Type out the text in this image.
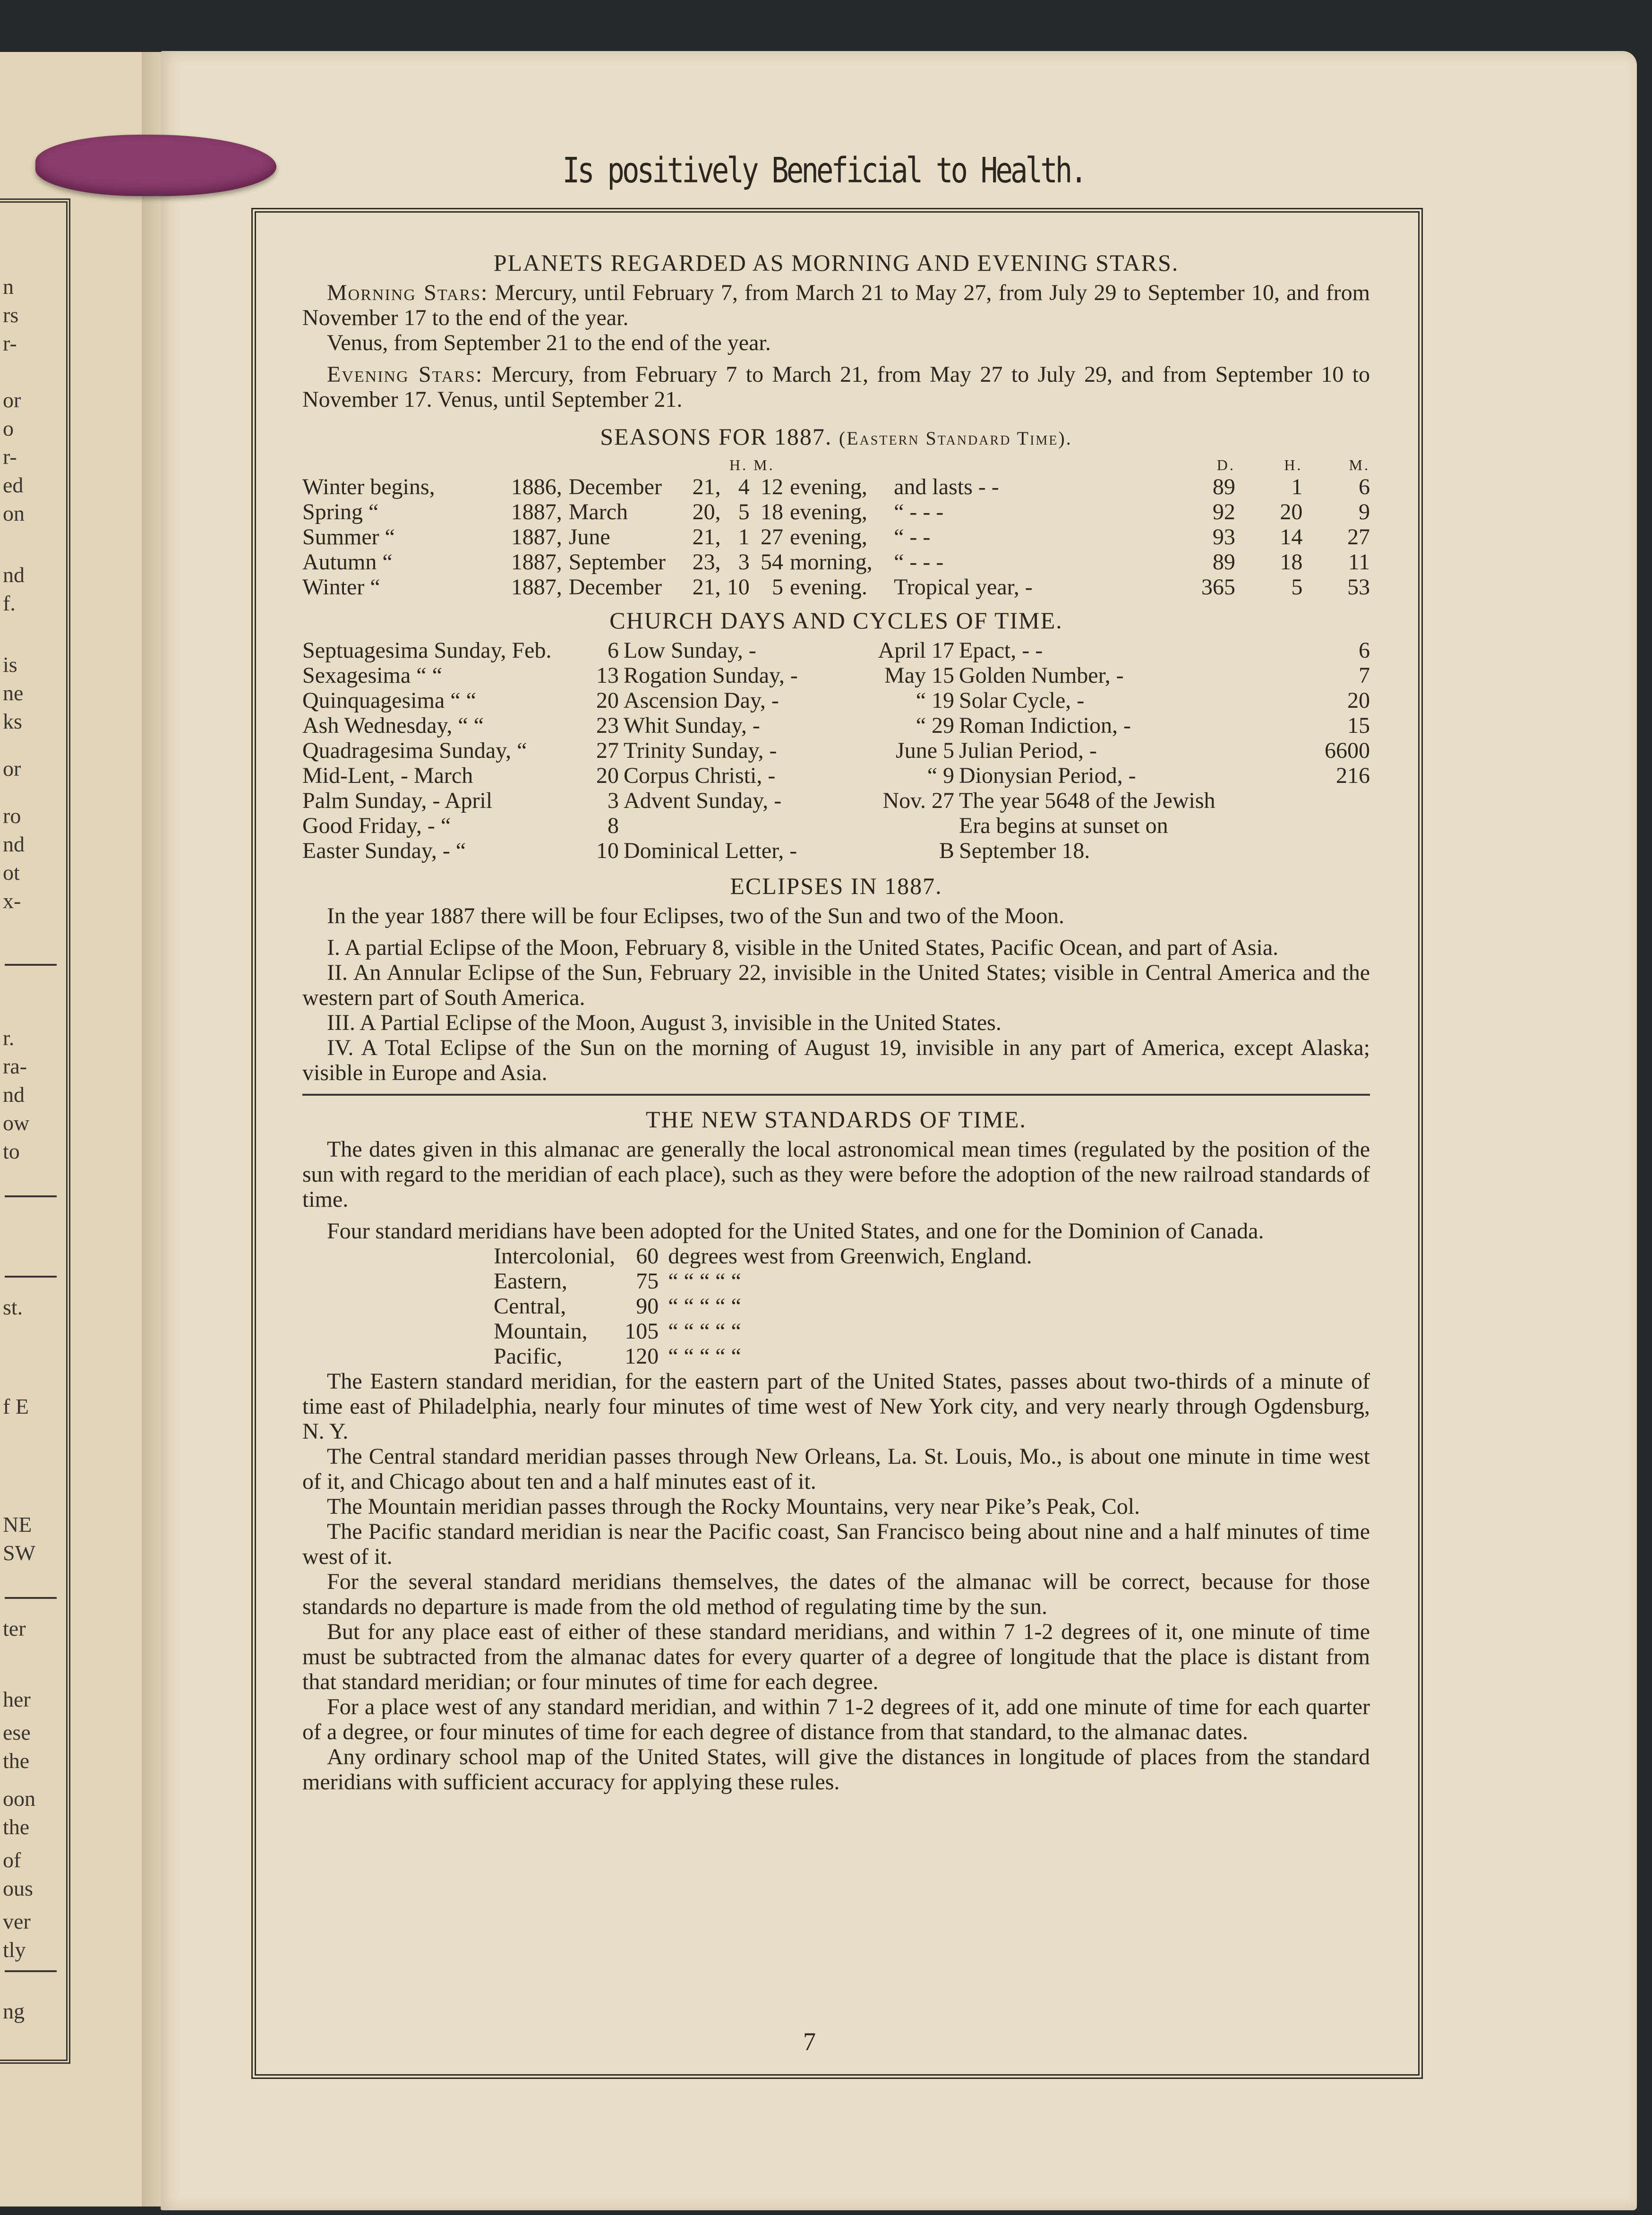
n
rs
r-
or
o
r-
ed
on
nd
f.
is
ne
ks
or
ro
nd
ot
x-
r.
ra-
nd
ow
to
st.
f E
NE
SW
ter
her
ese
the
oon
the
of
ous
ver
tly
ng
Is positively Beneficial to Health.
PLANETS REGARDED AS MORNING AND EVENING STARS.

Morning Stars: Mercury, until February 7, from March 21 to May 27, from July 29 to September 10, and from November 17 to the end of the year.

Venus, from September 21 to the end of the year.

Evening Stars: Mercury, from February 7 to March 21, from May 27 to July 29, and from September 10 to November 17. Venus, until September 21.

SEASONS FOR 1887. (Eastern Standard Time).
				H. M.				D.	H.	M.
Winter begins,	1886,	December	21,	4	12	evening,	and lasts - -	89	1	6
Spring “	1887,	March	20,	5	18	evening,	“ - - -	92	20	9
Summer “	1887,	June	21,	1	27	evening,	“ - -	93	14	27
Autumn “	1887,	September	23,	3	54	morning,	“ - - -	89	18	11
Winter “	1887,	December	21,	10	5	evening.	Tropical year, -	365	5	53
CHURCH DAYS AND CYCLES OF TIME.
Septuagesima Sunday, Feb.	6	Low Sunday, -	April 17	Epact, - -	6
Sexagesima “ “	13	Rogation Sunday, -	May 15	Golden Number, -	7
Quinquagesima “ “	20	Ascension Day, -	“ 19	Solar Cycle, -	20
Ash Wednesday, “ “	23	Whit Sunday, -	“ 29	Roman Indiction, -	15
Quadragesima Sunday, “	27	Trinity Sunday, -	June 5	Julian Period, -	6600
Mid-Lent, - March	20	Corpus Christi, -	“ 9	Dionysian Period, -	216
Palm Sunday, - April	3	Advent Sunday, -	Nov. 27	The year 5648 of the Jewish	
Good Friday, - “	8			Era begins at sunset on	
Easter Sunday, - “	10	Dominical Letter, -	B	September 18.	
ECLIPSES IN 1887.

In the year 1887 there will be four Eclipses, two of the Sun and two of the Moon.

I. A partial Eclipse of the Moon, February 8, visible in the United States, Pacific Ocean, and part of Asia.

II. An Annular Eclipse of the Sun, February 22, invisible in the United States; visible in Central America and the western part of South America.

III. A Partial Eclipse of the Moon, August 3, invisible in the United States.

IV. A Total Eclipse of the Sun on the morning of August 19, invisible in any part of America, except Alaska; visible in Europe and Asia.

THE NEW STANDARDS OF TIME.

The dates given in this almanac are generally the local astronomical mean times (regulated by the position of the sun with regard to the meridian of each place), such as they were before the adoption of the new railroad standards of time.

Four standard meridians have been adopted for the United States, and one for the Dominion of Canada.

Intercolonial,	60	degrees west from Greenwich, England.
Eastern,	75	“ “ “ “ “
Central,	90	“ “ “ “ “
Mountain,	105	“ “ “ “ “
Pacific,	120	“ “ “ “ “

The Eastern standard meridian, for the eastern part of the United States, passes about two-thirds of a minute of time east of Philadelphia, nearly four minutes of time west of New York city, and very nearly through Ogdensburg, N. Y.

The Central standard meridian passes through New Orleans, La. St. Louis, Mo., is about one minute in time west of it, and Chicago about ten and a half minutes east of it.

The Mountain meridian passes through the Rocky Mountains, very near Pike’s Peak, Col.

The Pacific standard meridian is near the Pacific coast, San Francisco being about nine and a half minutes of time west of it.

For the several standard meridians themselves, the dates of the almanac will be correct, because for those standards no departure is made from the old method of regulating time by the sun.

But for any place east of either of these standard meridians, and within 7 1-2 degrees of it, one minute of time must be subtracted from the almanac dates for every quarter of a degree of longitude that the place is distant from that standard meridian; or four minutes of time for each degree.

For a place west of any standard meridian, and within 7 1-2 degrees of it, add one minute of time for each quarter of a degree, or four minutes of time for each degree of distance from that standard, to the almanac dates.

Any ordinary school map of the United States, will give the distances in longitude of places from the standard meridians with sufficient accuracy for applying these rules.

7
